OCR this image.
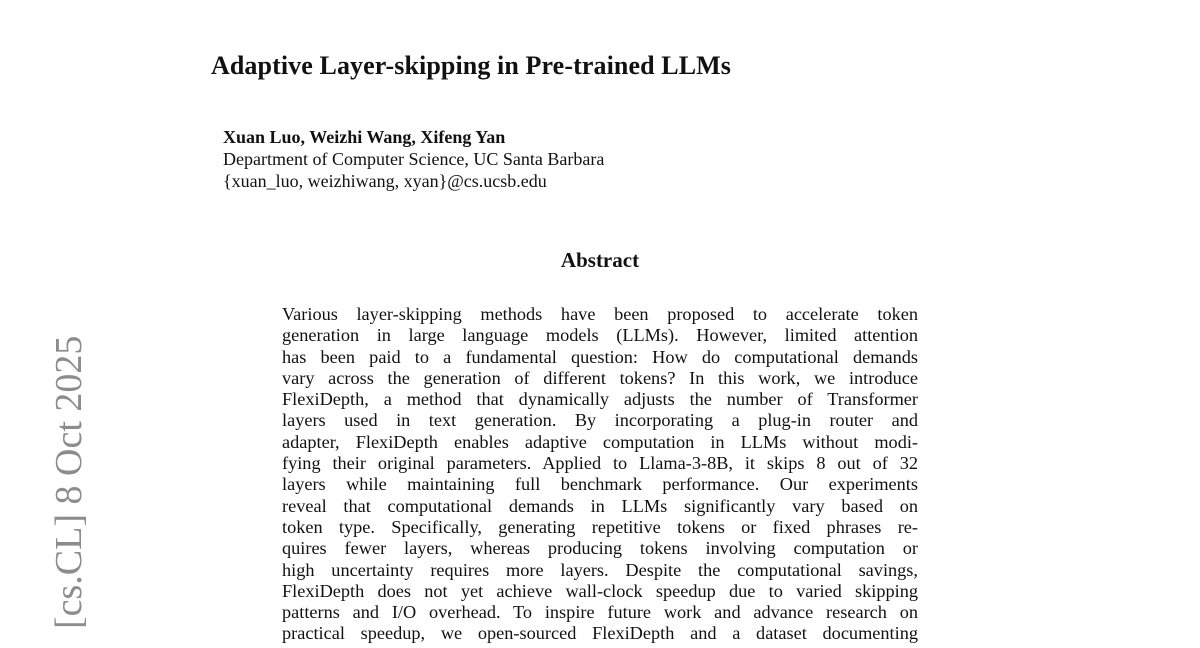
Adaptive Layer-skipping in Pre-trained LLMs
Xuan Luo, Weizhi Wang, Xifeng Yan
Department of Computer Science, UC Santa Barbara
{xuan_luo, weizhiwang, xyan}@cs.ucsb.edu
Abstract
Various layer-skipping methods have been proposed to accelerate token
generation in large language models (LLMs). However, limited attention
has been paid to a fundamental question: How do computational demands
vary across the generation of different tokens? In this work, we introduce
FlexiDepth, a method that dynamically adjusts the number of Transformer
layers used in text generation. By incorporating a plug-in router and
adapter, FlexiDepth enables adaptive computation in LLMs without modi-
fying their original parameters. Applied to Llama-3-8B, it skips 8 out of 32
layers while maintaining full benchmark performance. Our experiments
reveal that computational demands in LLMs significantly vary based on
token type. Specifically, generating repetitive tokens or fixed phrases re-
quires fewer layers, whereas producing tokens involving computation or
high uncertainty requires more layers. Despite the computational savings,
FlexiDepth does not yet achieve wall-clock speedup due to varied skipping
patterns and I/O overhead. To inspire future work and advance research on
practical speedup, we open-sourced FlexiDepth and a dataset documenting
[cs.CL] 8 Oct 2025
